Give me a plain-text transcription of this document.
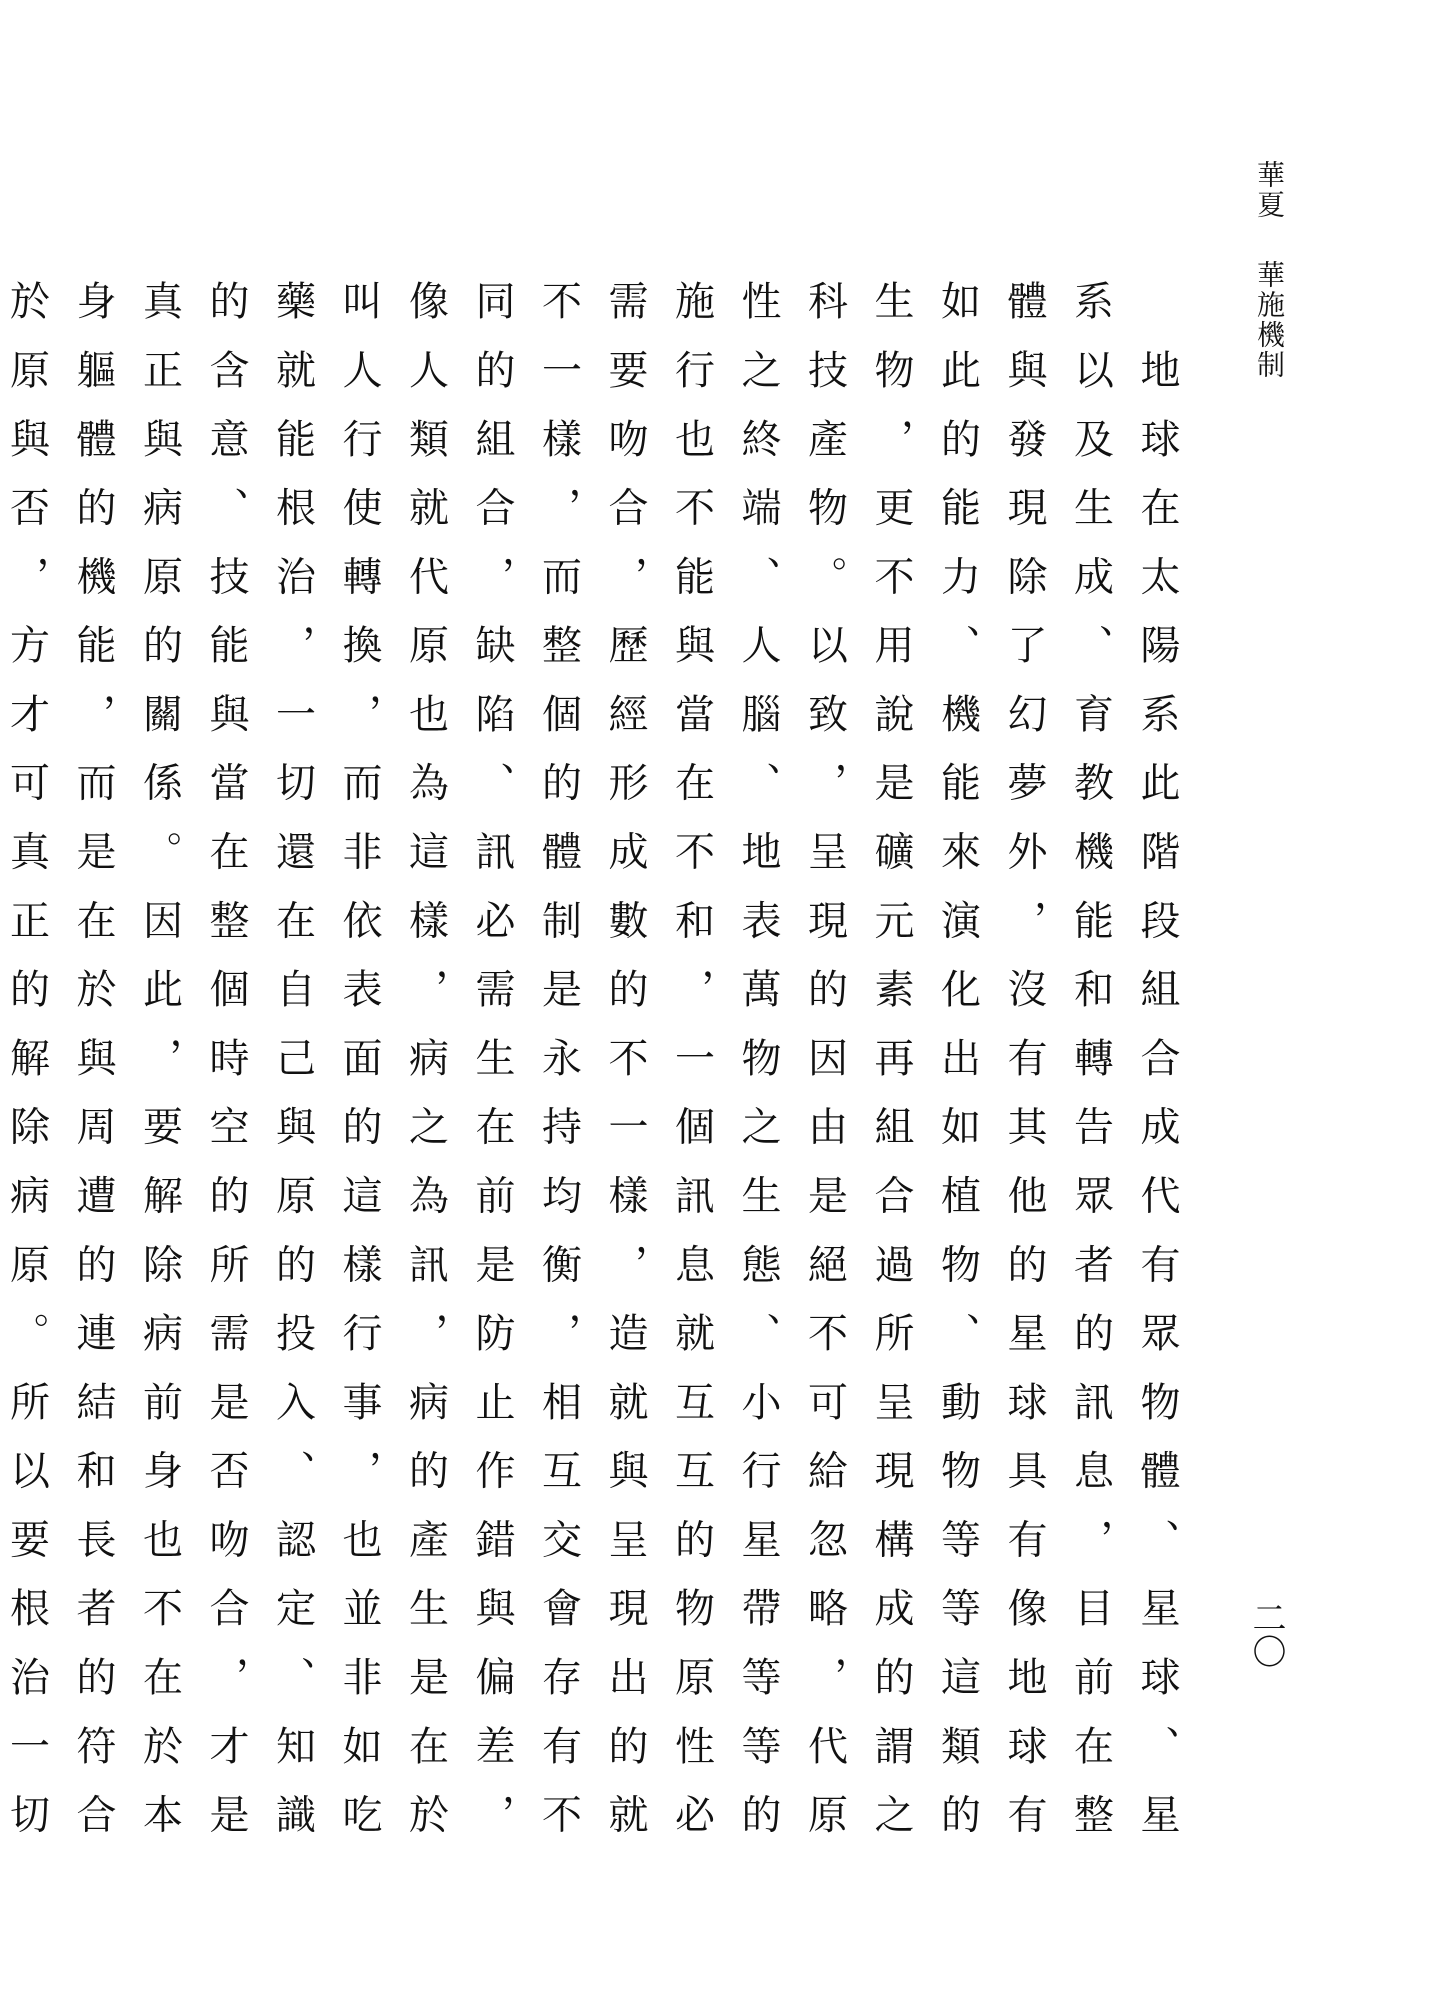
華夏華施機制

　地球在太陽系此階段組合成代有眾物體、星球、星系以及生成、育教機能和轉告眾者的訊息，目前在整體與發現除了幻夢外，沒有其他的星球具有像地球有如此的能力、機能來演化出如植物、動物等等這類的生物，更不用說是礦元素再組合過所呈現構成的謂之科技產物。以致，呈現的因由是絕不可給忽略，代原性之終端、人腦、地表萬物之生態、小行星帶等等的施行也不能與當在不和，一個訊息就互互的物原性必需要吻合，歷經形成數的不一樣，造就與呈現出的就不一樣，而整個的體制是永持均衡，相互交會存有不同的組合，缺陷、訊必需生在前是防止作錯與偏差，像人類就代原也為這樣，病之為訊，病的產生是在於叫人行使轉換，而非依表面的這樣行事，也並非如吃藥就能根治，一切還在自己與原的投入、認定、知識的含意、技能與當在整個時空的所需是否吻合，才是真正與病原的關係。因此，要解除病前身也不在於本身軀體的機能，而是在於與周遭的連結和長者的符合於原與否，方才可真正的解除病原。所以要根治一切

二〇
